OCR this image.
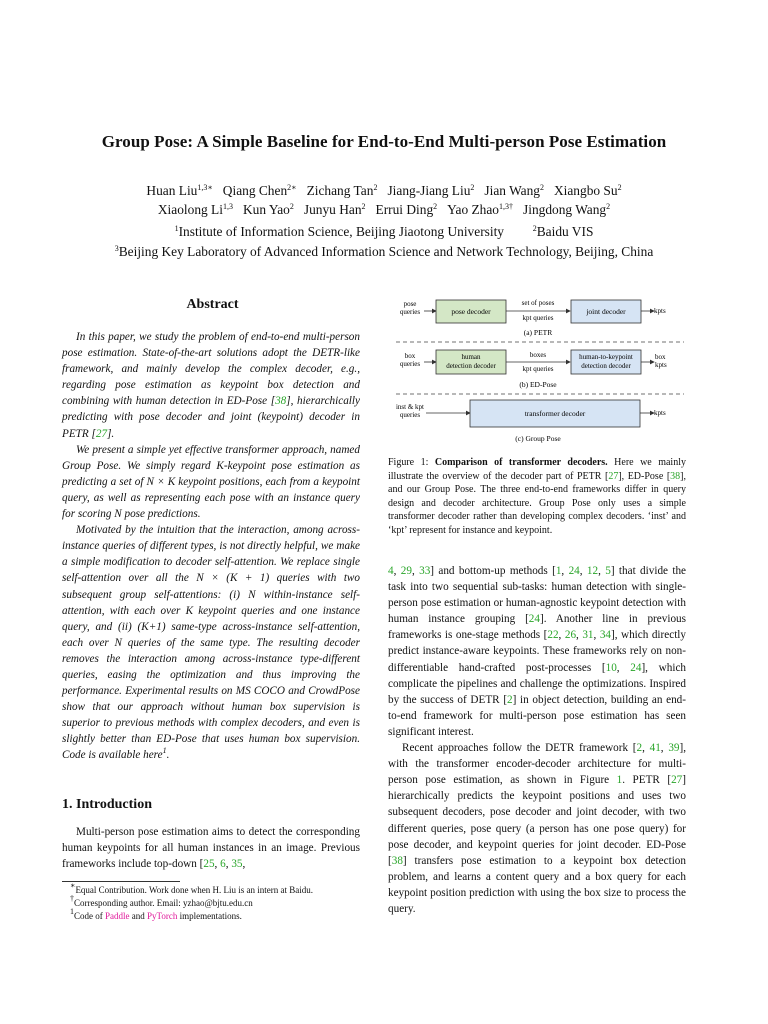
Group Pose: A Simple Baseline for End-to-End Multi-person Pose Estimation
Huan Liu$^{1,3∗}$ Qiang Chen$^{2∗}$ Zichang Tan$^2$ Jiang-Jiang Liu$^2$ Jian Wang$^2$ Xiangbo Su$^2$
Xiaolong Li$^{1,3}$ Kun Yao$^2$ Junyu Han$^2$ Errui Ding$^2$ Yao Zhao$^{1,3\dagger}$ Jingdong Wang$^2$
$^1$Institute of Information Science, Beijing Jiaotong University	$^2$Baidu VIS
$^3$Beijing Key Laboratory of Advanced Information Science and Network Technology, Beijing, China
Abstract

In this paper, we study the problem of end-to-end multi-person pose estimation. State-of-the-art solutions adopt the DETR-like framework, and mainly develop the complex decoder, e.g., regarding pose estimation as keypoint box detection and combining with human detection in ED-Pose [38], hierarchically predicting with pose decoder and joint (keypoint) decoder in PETR [27].

We present a simple yet effective transformer approach, named Group Pose. We simply regard K-keypoint pose estimation as predicting a set of N × K keypoint positions, each from a keypoint query, as well as representing each pose with an instance query for scoring N pose predictions.

Motivated by the intuition that the interaction, among across-instance queries of different types, is not directly helpful, we make a simple modification to decoder self-attention. We replace single self-attention over all the N × (K + 1) queries with two subsequent group self-attentions: (i) N within-instance self-attention, with each over K keypoint queries and one instance query, and (ii) (K+1) same-type across-instance self-attention, each over N queries of the same type. The resulting decoder removes the interaction among across-instance type-different queries, easing the optimization and thus improving the performance. Experimental results on MS COCO and CrowdPose show that our approach without human box supervision is superior to previous methods with complex decoders, and even is slightly better than ED-Pose that uses human box supervision. Code is available here$^1$.

1. Introduction

Multi-person pose estimation aims to detect the corresponding human keypoints for all human instances in an image. Previous frameworks include top-down [25, 6, 35,

∗Equal Contribution. Work done when H. Liu is an intern at Baidu.
†Corresponding author. Email: yzhao@bjtu.edu.cn
$^1$Code of Paddle and PyTorch implementations.
pose queries	pose decoder
set of poses
kpt queries
joint decoder	kpts
(a) PETR
box queries
human detection decoder
boxes
kpt queries
human-to-keypoint detection decoder
box kpts
(b) ED-Pose
inst & kpt queries	transformer decoder	kpts
(c) Group Pose
Figure 1: Comparison of transformer decoders. Here we mainly illustrate the overview of the decoder part of PETR [27], ED-Pose [38], and our Group Pose. The three end-to-end frameworks differ in query design and decoder architecture. Group Pose only uses a simple transformer decoder rather than developing complex decoders. ‘inst’ and ‘kpt’ represent for instance and keypoint.

4, 29, 33] and bottom-up methods [1, 24, 12, 5] that divide the task into two sequential sub-tasks: human detection with single-person pose estimation or human-agnostic keypoint detection with human instance grouping [24]. Another line in previous frameworks is one-stage methods [22, 26, 31, 34], which directly predict instance-aware keypoints. These frameworks rely on non-differentiable hand-crafted post-processes [10, 24], which complicate the pipelines and challenge the optimizations. Inspired by the success of DETR [2] in object detection, building an end-to-end framework for multi-person pose estimation has seen significant interest.

Recent approaches follow the DETR framework [2, 41, 39], with the transformer encoder-decoder architecture for multi-person pose estimation, as shown in Figure 1. PETR [27] hierarchically predicts the keypoint positions and uses two subsequent decoders, pose decoder and joint decoder, with two different queries, pose query (a person has one pose query) for pose decoder, and keypoint queries for joint decoder. ED-Pose [38] transfers pose estimation to a keypoint box detection problem, and learns a content query and a box query for each keypoint position prediction with using the box size to process the query.
